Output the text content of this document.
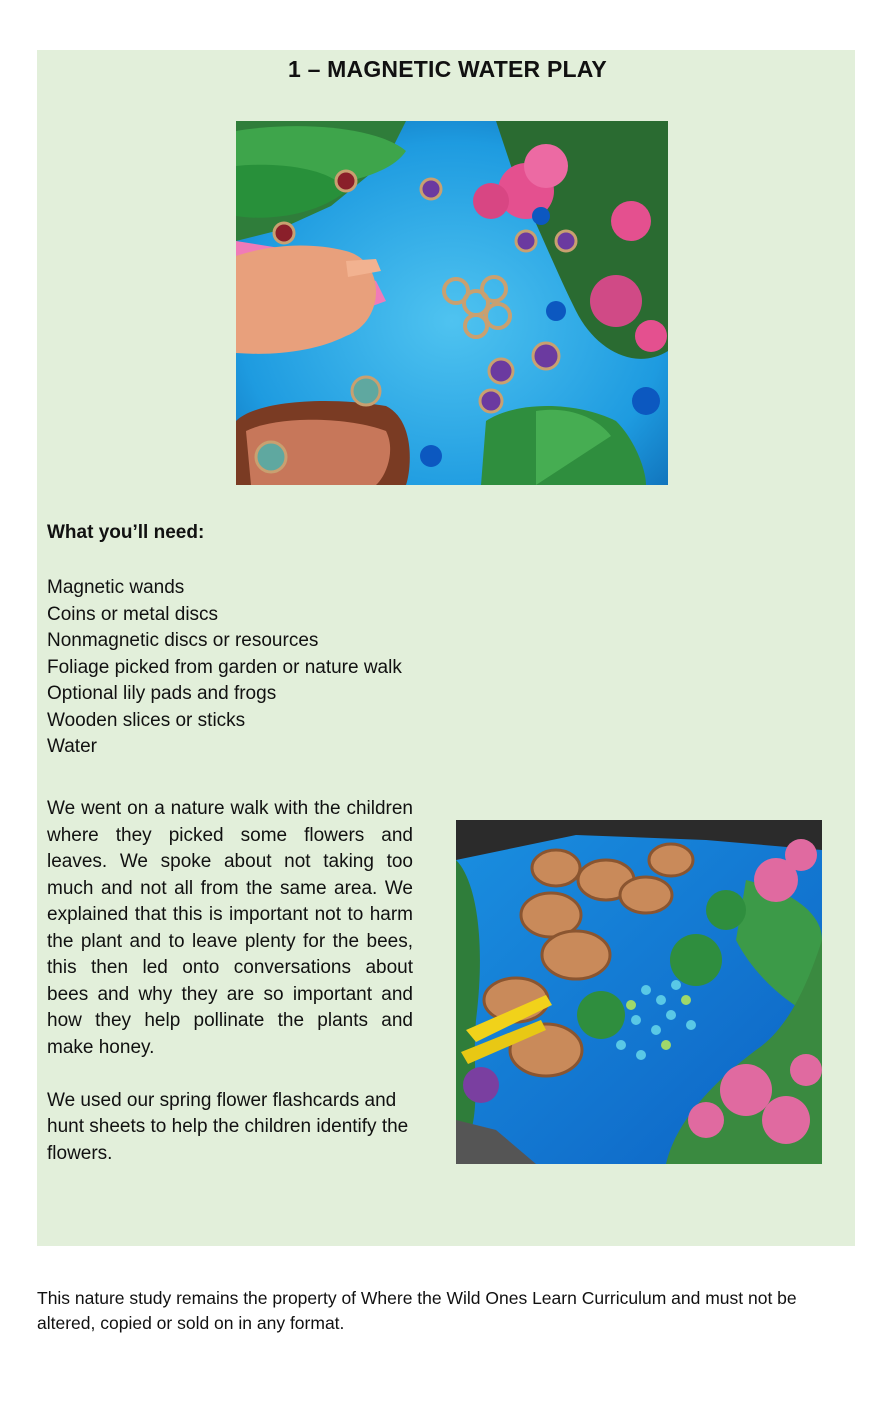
1 – MAGNETIC WATER PLAY
What you’ll need:
Magnetic wands
Coins or metal discs
Nonmagnetic discs or resources
Foliage picked from garden or nature walk
Optional lily pads and frogs
Wooden slices or sticks
Water

We went on a nature walk with the children where they picked some flowers and leaves. We spoke about not taking too much and not all from the same area. We explained that this is important not to harm the plant and to leave plenty for the bees, this then led onto conversations about bees and why they are so important and how they help pollinate the plants and make honey.

We used our spring flower flashcards and hunt sheets to help the children identify the flowers.

This nature study remains the property of Where the Wild Ones Learn Curriculum and must not be altered, copied or sold on in any format.
